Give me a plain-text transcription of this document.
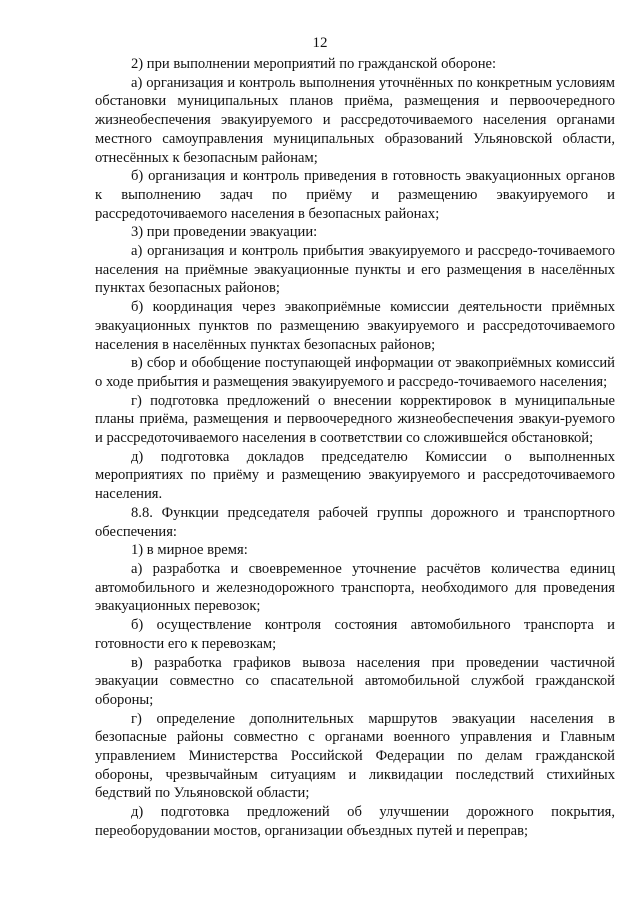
12

2) при выполнении мероприятий по гражданской обороне:

а) организация и контроль выполнения уточнённых по конкретным условиям обстановки муниципальных планов приёма, размещения и первоочередного жизнеобеспечения эвакуируемого и рассредоточиваемого населения органами местного самоуправления муниципальных образований Ульяновской области, отнесённых к безопасным районам;

б) организация и контроль приведения в готовность эвакуационных органов к выполнению задач по приёму и размещению эвакуируемого и рассредоточиваемого населения в безопасных районах;

3) при проведении эвакуации:

а) организация и контроль прибытия эвакуируемого и рассредо-точиваемого населения на приёмные эвакуационные пункты и его размещения в населённых пунктах безопасных районов;

б) координация через эвакоприёмные комиссии деятельности приёмных эвакуационных пунктов по размещению эвакуируемого и рассредоточиваемого населения в населённых пунктах безопасных районов;

в) сбор и обобщение поступающей информации от эвакоприёмных комиссий о ходе прибытия и размещения эвакуируемого и рассредо-точиваемого населения;

г) подготовка предложений о внесении корректировок в муниципальные планы приёма, размещения и первоочередного жизнеобеспечения эвакуи-руемого и рассредоточиваемого населения в соответствии со сложившейся обстановкой;

д) подготовка докладов председателю Комиссии о выполненных мероприятиях по приёму и размещению эвакуируемого и рассредоточиваемого населения.

8.8. Функции председателя рабочей группы дорожного и транспортного обеспечения:

1) в мирное время:

а) разработка и своевременное уточнение расчётов количества единиц автомобильного и железнодорожного транспорта, необходимого для проведения эвакуационных перевозок;

б) осуществление контроля состояния автомобильного транспорта и готовности его к перевозкам;

в) разработка графиков вывоза населения при проведении частичной эвакуации совместно со спасательной автомобильной службой гражданской обороны;

г) определение дополнительных маршрутов эвакуации населения в безопасные районы совместно с органами военного управления и Главным управлением Министерства Российской Федерации по делам гражданской обороны, чрезвычайным ситуациям и ликвидации последствий стихийных бедствий по Ульяновской области;

д) подготовка предложений об улучшении дорожного покрытия, переоборудовании мостов, организации объездных путей и переправ;
